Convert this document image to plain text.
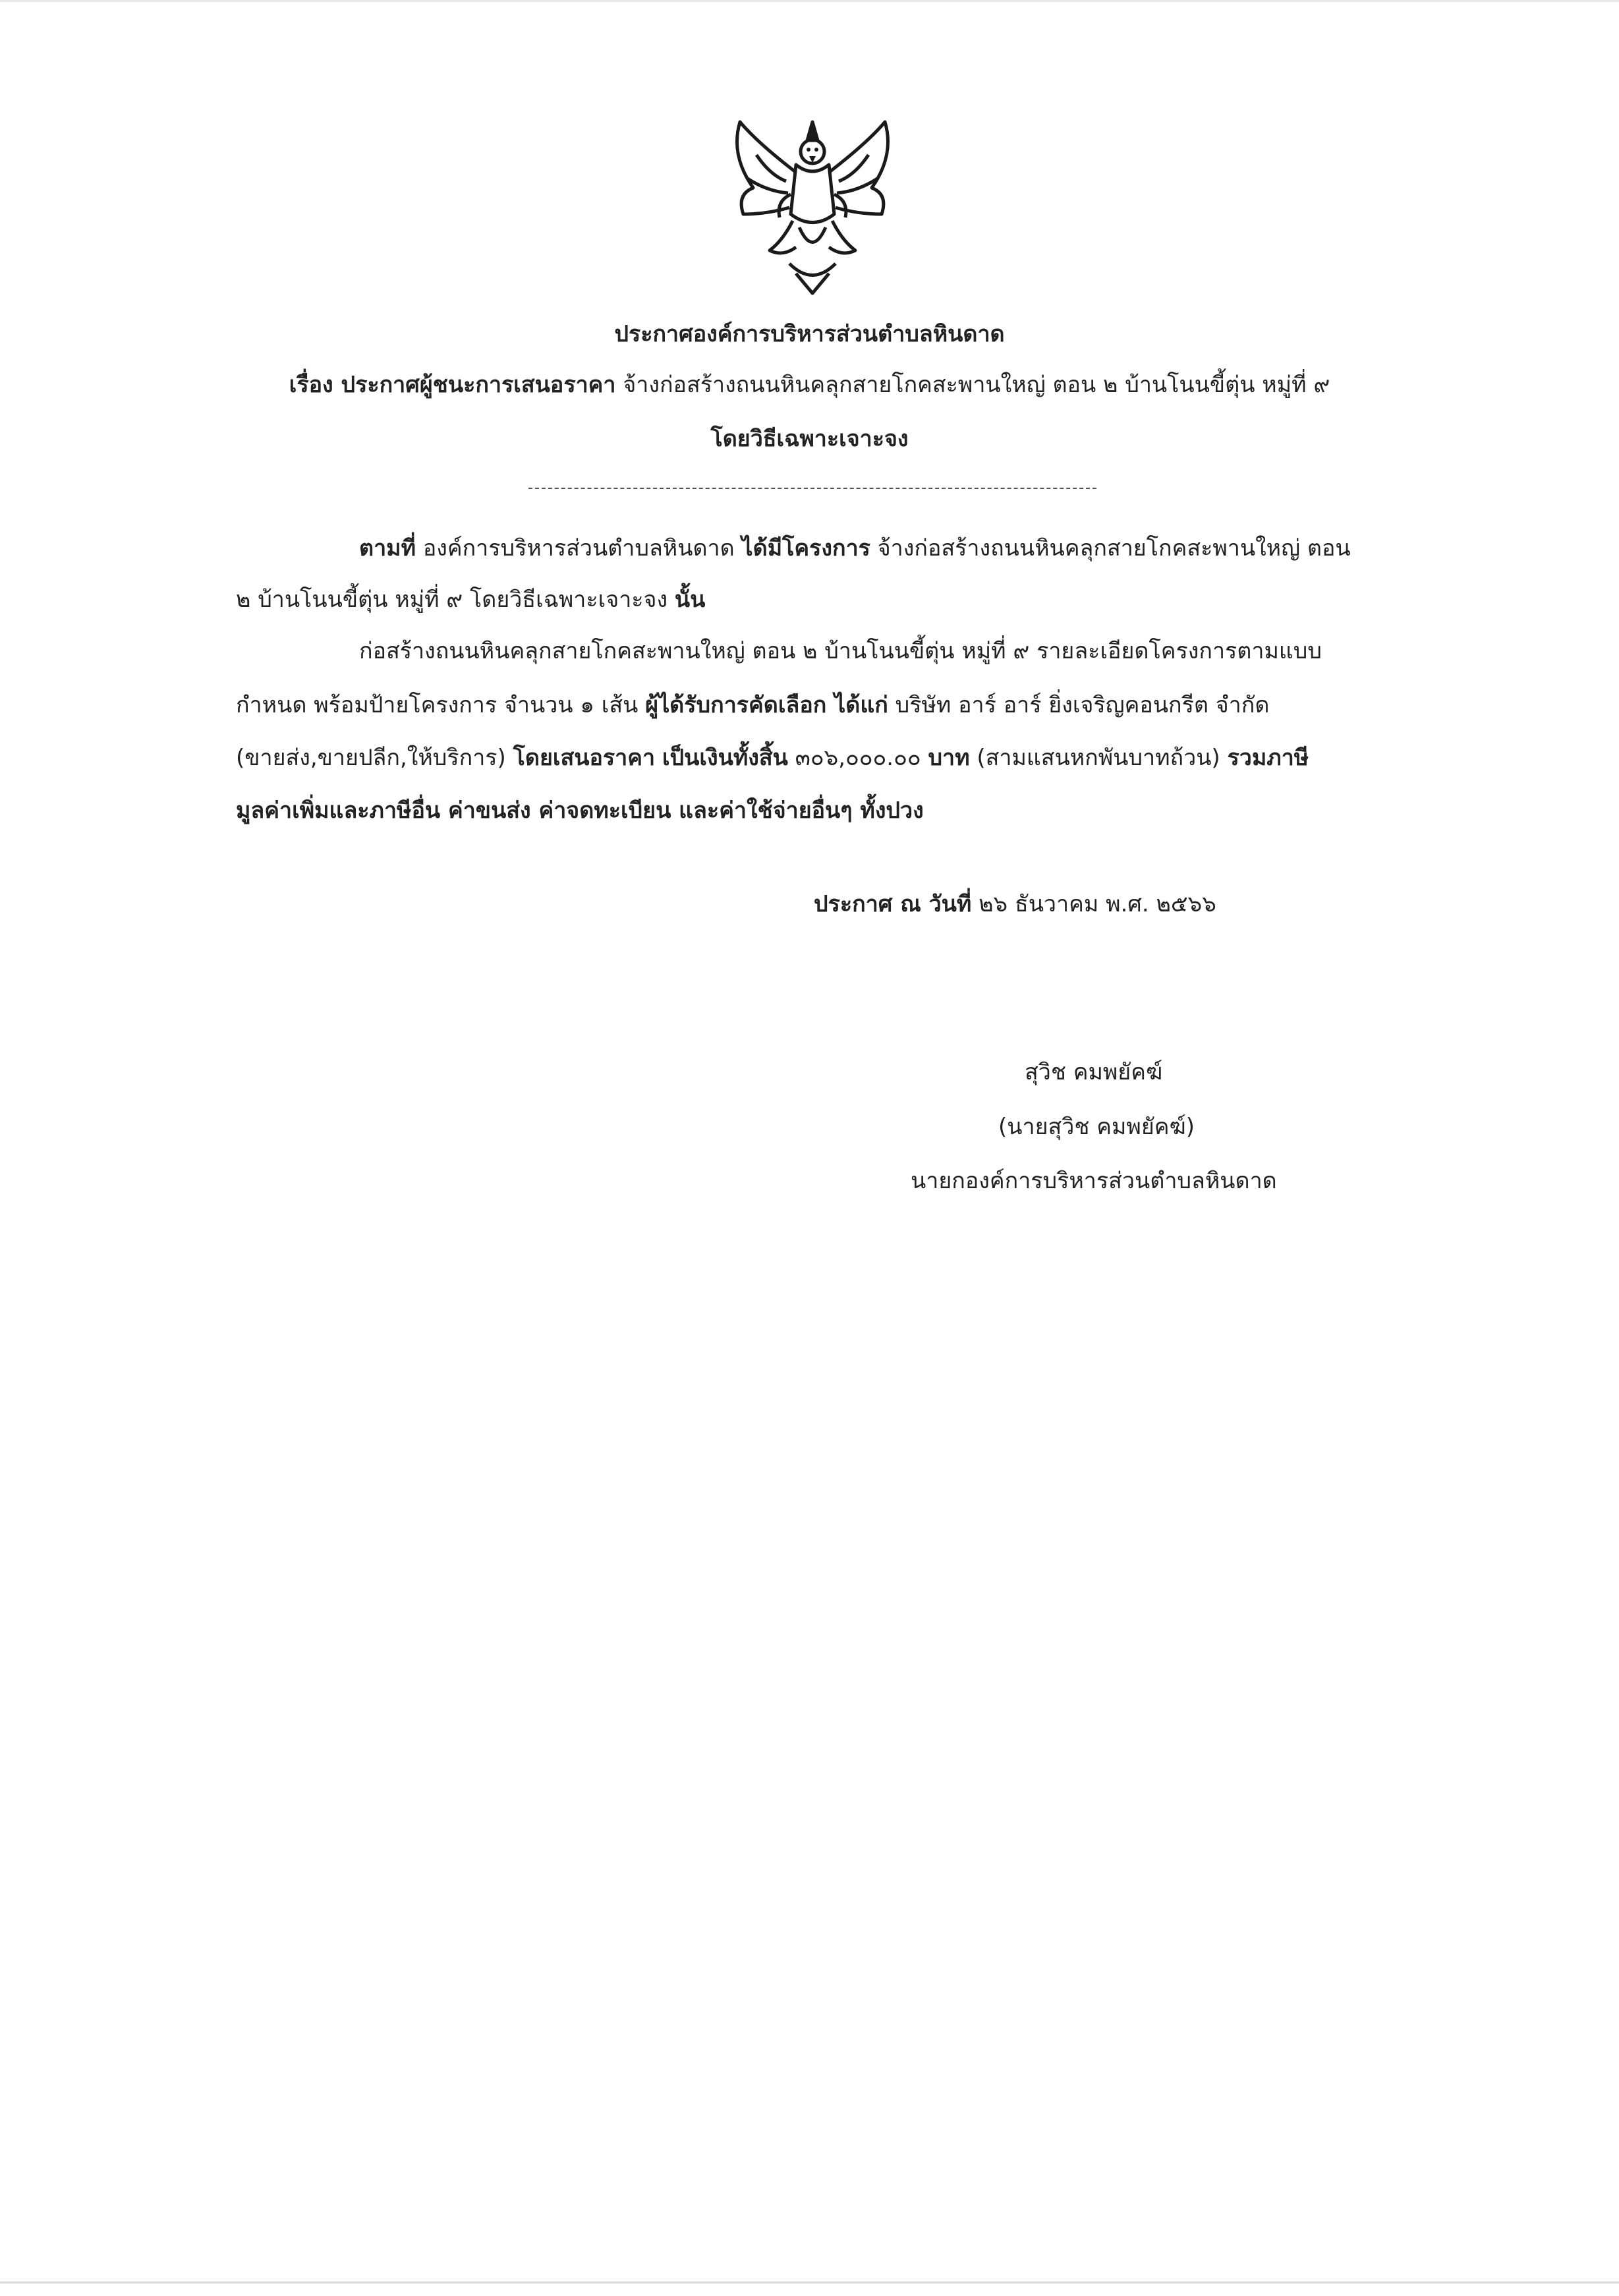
ประกาศองค์การบริหารส่วนตำบลหินดาด
เรื่อง ประกาศผู้ชนะการเสนอราคา จ้างก่อสร้างถนนหินคลุกสายโกคสะพานใหญ่ ตอน ๒ บ้านโนนขี้ตุ่น หมู่ที่ ๙
โดยวิธีเฉพาะเจาะจง
ตามที่ องค์การบริหารส่วนตำบลหินดาด ได้มีโครงการ จ้างก่อสร้างถนนหินคลุกสายโกคสะพานใหญ่ ตอน
๒ บ้านโนนขี้ตุ่น หมู่ที่ ๙ โดยวิธีเฉพาะเจาะจง นั้น
ก่อสร้างถนนหินคลุกสายโกคสะพานใหญ่ ตอน ๒ บ้านโนนขี้ตุ่น หมู่ที่ ๙ รายละเอียดโครงการตามแบบ
กำหนด พร้อมป้ายโครงการ จำนวน ๑ เส้น ผู้ได้รับการคัดเลือก ได้แก่ บริษัท อาร์ อาร์ ยิ่งเจริญคอนกรีต จำกัด
(ขายส่ง,ขายปลีก,ให้บริการ) โดยเสนอราคา เป็นเงินทั้งสิ้น ๓๐๖,๐๐๐.๐๐ บาท (สามแสนหกพันบาทถ้วน) รวมภาษี
มูลค่าเพิ่มและภาษีอื่น ค่าขนส่ง ค่าจดทะเบียน และค่าใช้จ่ายอื่นๆ ทั้งปวง
ประกาศ ณ วันที่ ๒๖ ธันวาคม พ.ศ. ๒๕๖๖
สุวิช คมพยัคฆ์
(นายสุวิช คมพยัคฆ์)
นายกองค์การบริหารส่วนตำบลหินดาด
